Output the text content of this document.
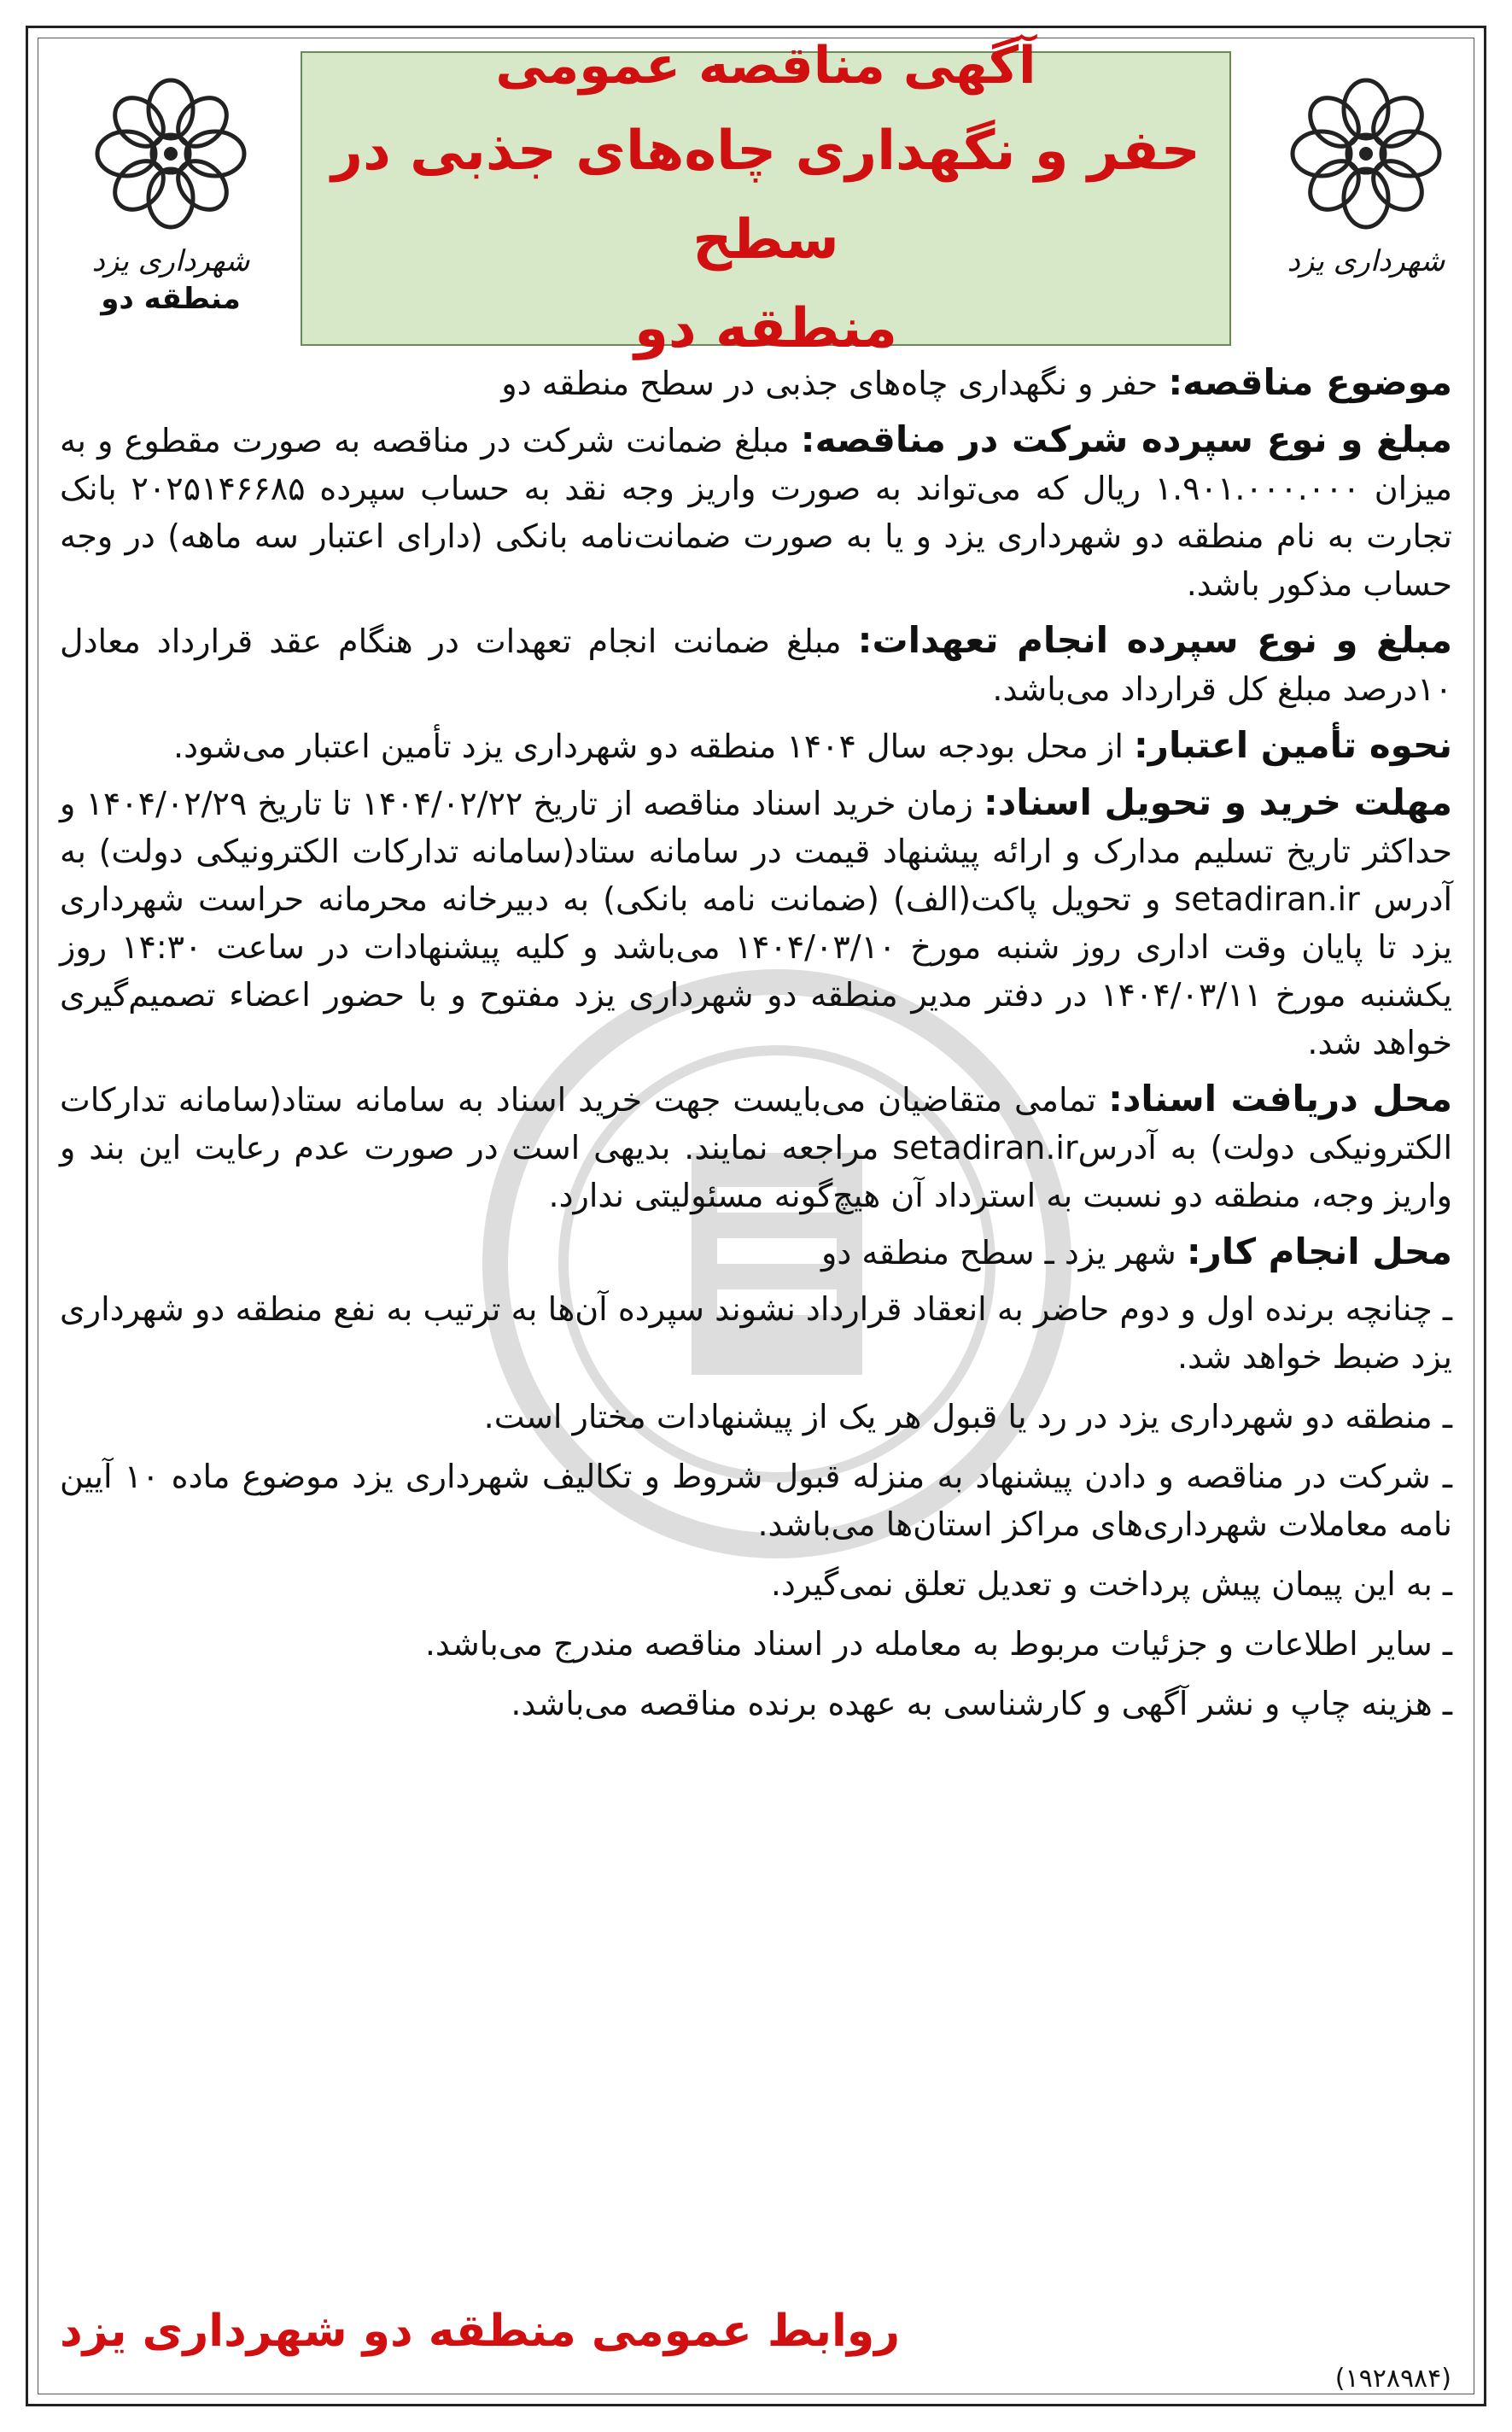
شهرداری یزد
شهرداری یزد
منطقه دو
آگهی مناقصه عمومی
حفر و نگهداری چاه‌های جذبی در سطح
منطقه دو

موضوع مناقصه: حفر و نگهداری چاه‌های جذبی در سطح منطقه دو

مبلغ و نوع سپرده شرکت در مناقصه: مبلغ ضمانت شرکت در مناقصه به صورت مقطوع و به میزان ۱.۹۰۱.۰۰۰.۰۰۰ ریال که می‌تواند به صورت واریز وجه نقد به حساب سپرده ۲۰۲۵۱۴۶۶۸۵ بانک تجارت به نام منطقه دو شهرداری یزد و یا به صورت ضمانت‌نامه بانکی (دارای اعتبار سه ماهه) در وجه حساب مذکور باشد.

مبلغ و نوع سپرده انجام تعهدات: مبلغ ضمانت انجام تعهدات در هنگام عقد قرارداد معادل ۱۰درصد مبلغ کل قرارداد می‌باشد.

نحوه تأمین اعتبار: از محل بودجه سال ۱۴۰۴ منطقه دو شهرداری یزد تأمین اعتبار می‌شود.

مهلت خرید و تحویل اسناد: زمان خرید اسناد مناقصه از تاریخ ۱۴۰۴/۰۲/۲۲ تا تاریخ ۱۴۰۴/۰۲/۲۹ و حداکثر تاریخ تسلیم مدارک و ارائه پیشنهاد قیمت در سامانه ستاد(سامانه تدارکات الکترونیکی دولت) به آدرس setadiran.ir و تحویل پاکت(الف) (ضمانت نامه بانکی) به دبیرخانه محرمانه حراست شهرداری یزد تا پایان وقت اداری روز شنبه مورخ ۱۴۰۴/۰۳/۱۰ می‌باشد و کلیه پیشنهادات در ساعت ۱۴:۳۰ روز یکشنبه مورخ ۱۴۰۴/۰۳/۱۱ در دفتر مدیر منطقه دو شهرداری یزد مفتوح و با حضور اعضاء تصمیم‌گیری خواهد شد.

محل دریافت اسناد: تمامی متقاضیان می‌بایست جهت خرید اسناد به سامانه ستاد(سامانه تدارکات الکترونیکی دولت) به آدرسsetadiran.ir مراجعه نمایند. بدیهی است در صورت عدم رعایت این بند و واریز وجه، منطقه دو نسبت به استرداد آن هیچ‌گونه مسئولیتی ندارد.

محل انجام کار: شهر یزد ـ سطح منطقه دو

ـ چنانچه برنده اول و دوم حاضر به انعقاد قرارداد نشوند سپرده آن‌ها به ترتیب به نفع منطقه دو شهرداری یزد ضبط خواهد شد.

ـ منطقه دو شهرداری یزد در رد یا قبول هر یک از پیشنهادات مختار است.

ـ شرکت در مناقصه و دادن پیشنهاد به منزله قبول شروط و تکالیف شهرداری یزد موضوع ماده ۱۰ آیین نامه معاملات شهرداری‌های مراکز استان‌ها می‌باشد.

ـ به این پیمان پیش پرداخت و تعدیل تعلق نمی‌گیرد.

ـ سایر اطلاعات و جزئیات مربوط به معامله در اسناد مناقصه مندرج می‌باشد.

ـ هزینه چاپ و نشر آگهی و کارشناسی به عهده برنده مناقصه می‌باشد.

روابط عمومی منطقه دو شهرداری یزد
(۱۹۲۸۹۸۴)
